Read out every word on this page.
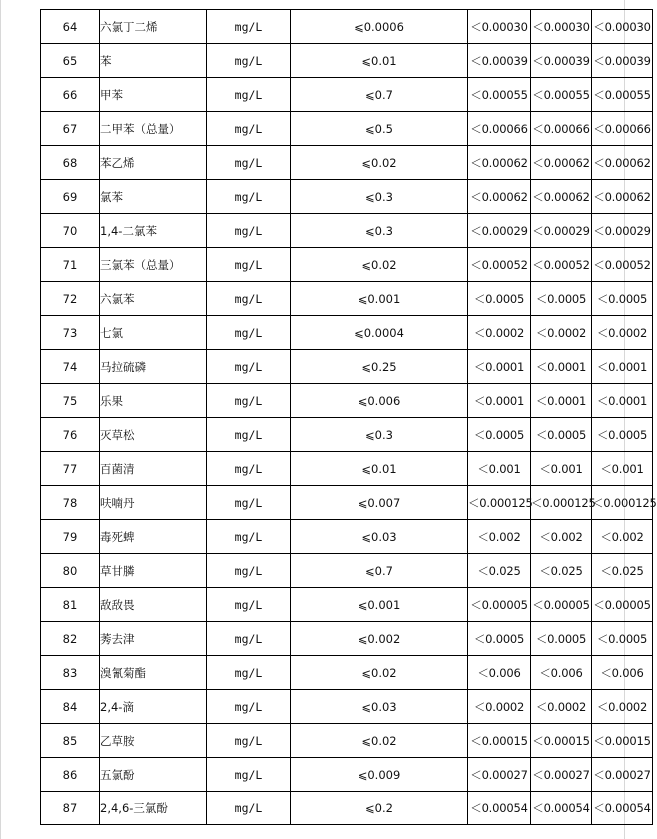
64	六氯丁二烯	mg/L	⩽0.0006	＜0.00030	＜0.00030	＜0.00030
65	苯	mg/L	⩽0.01	＜0.00039	＜0.00039	＜0.00039
66	甲苯	mg/L	⩽0.7	＜0.00055	＜0.00055	＜0.00055
67	二甲苯（总量）	mg/L	⩽0.5	＜0.00066	＜0.00066	＜0.00066
68	苯乙烯	mg/L	⩽0.02	＜0.00062	＜0.00062	＜0.00062
69	氯苯	mg/L	⩽0.3	＜0.00062	＜0.00062	＜0.00062
70	1,4-二氯苯	mg/L	⩽0.3	＜0.00029	＜0.00029	＜0.00029
71	三氯苯（总量）	mg/L	⩽0.02	＜0.00052	＜0.00052	＜0.00052
72	六氯苯	mg/L	⩽0.001	＜0.0005	＜0.0005	＜0.0005
73	七氯	mg/L	⩽0.0004	＜0.0002	＜0.0002	＜0.0002
74	马拉硫磷	mg/L	⩽0.25	＜0.0001	＜0.0001	＜0.0001
75	乐果	mg/L	⩽0.006	＜0.0001	＜0.0001	＜0.0001
76	灭草松	mg/L	⩽0.3	＜0.0005	＜0.0005	＜0.0005
77	百菌清	mg/L	⩽0.01	＜0.001	＜0.001	＜0.001
78	呋喃丹	mg/L	⩽0.007	＜0.000125	＜0.000125	＜0.000125
79	毒死蜱	mg/L	⩽0.03	＜0.002	＜0.002	＜0.002
80	草甘膦	mg/L	⩽0.7	＜0.025	＜0.025	＜0.025
81	敌敌畏	mg/L	⩽0.001	＜0.00005	＜0.00005	＜0.00005
82	莠去津	mg/L	⩽0.002	＜0.0005	＜0.0005	＜0.0005
83	溴氰菊酯	mg/L	⩽0.02	＜0.006	＜0.006	＜0.006
84	2,4-滴	mg/L	⩽0.03	＜0.0002	＜0.0002	＜0.0002
85	乙草胺	mg/L	⩽0.02	＜0.00015	＜0.00015	＜0.00015
86	五氯酚	mg/L	⩽0.009	＜0.00027	＜0.00027	＜0.00027
87	2,4,6-三氯酚	mg/L	⩽0.2	＜0.00054	＜0.00054	＜0.00054
